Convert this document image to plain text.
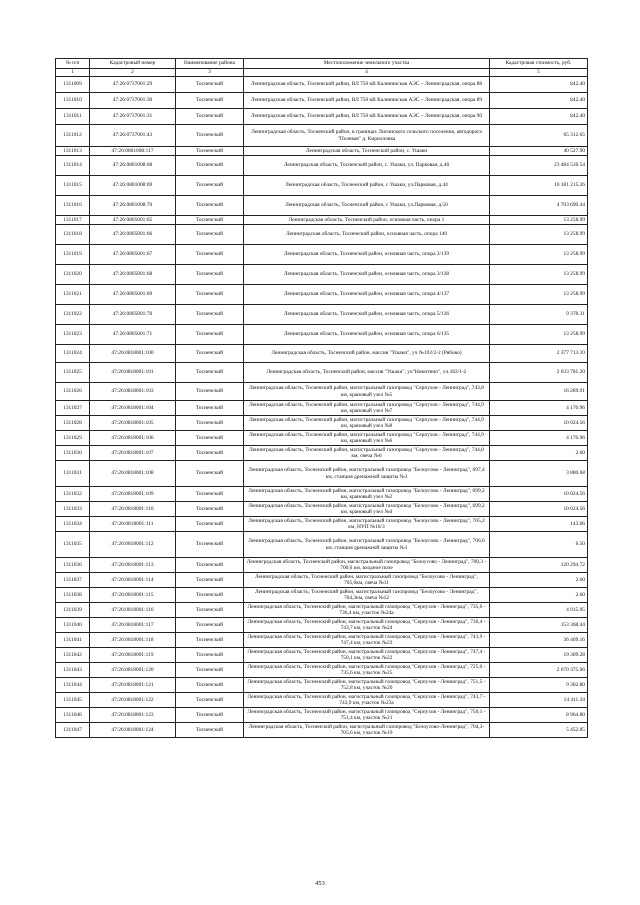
№ п/п	Кадастровый номер	Наименование района	Местоположение земельного участка	Кадастровая стоимость, руб.
1	2	3	4	5
1311009	47:26:0737001:29	Тосненский	Ленинградская область, Тосненский район, ВЛ 750 кВ Калининская АЭС – Ленинградская, опора 88	842.40
1311010	47:26:0737001:30	Тосненский	Ленинградская область, Тосненский район, ВЛ 750 кВ Калининская АЭС – Ленинградская, опора 89	842.40
1311011	47:26:0737001:31	Тосненский	Ленинградская область, Тосненский район, ВЛ 750 кВ Калининская АЭС – Ленинградская, опора 90	842.40
1311012	47:26:0737001:43	Тосненский	Ленинградская область, Тосненский район, в границах Лисинского сельского поселения, автодорога "Полевая" д. Кирилловка	65 312.65
1311013	47:26:0801008:117	Тосненский	Ленинградская область, Тосненский район, с. Ушаки	40 527.90
1311014	47:26:0801008:68	Тосненский	Ленинградская область, Тосненский район, с. Ушаки, ул. Парковая, д.46	23 484 530.54
1311015	47:26:0801008:69	Тосненский	Ленинградская область, Тосненский район, с Ушаки, ул.Парковая, д.44	10 181 215.26
1311016	47:26:0801008:70	Тосненский	Ленинградская область, Тосненский район, с Ушаки, ул.Парковая, д.50	4 703 690.44
1311017	47:26:0805001:65	Тосненский	Ленинградская область, Тосненский район, основная часть, опора 1	13 258.99
1311018	47:26:0805001:66	Тосненский	Ленинградская область, Тосненский район, основная часть, опора 140	13 258.99
1311019	47:26:0805001:67	Тосненский	Ленинградская область, Тосненский район, основная часть, опора 2/139	13 258.99
1311020	47:26:0805001:68	Тосненский	Ленинградская область, Тосненский район, основная часть, опора 3/138	13 258.99
1311021	47:26:0805001:69	Тосненский	Ленинградская область, Тосненский район, основная часть, опора 4/137	13 258.99
1311022	47:26:0805001:70	Тосненский	Ленинградская область, Тосненский район, основная часть, опора 5/136	9 378.31
1311023	47:26:0805001:71	Тосненский	Ленинградская область, Тосненский район, основная часть, опора 6/135	13 258.99
1311024	47:26:0818001:100	Тосненский	Ленинградская область, Тосненский район, массив "Ушаки", уч №102/2-2 (Рябово)	2 377 713.10
1311025	47:26:0818001:101	Тосненский	Ленинградская область, Тосненский район, массив "Ушаки", уч"Никитино", уч.182/1-2	2 033 781.20
1311026	47:26:0818001:103	Тосненский	Ленинградская область, Тосненский район, магистральный газопровод "Серпухов - Ленинград", 743,8 км, крановый узел №5	16 289.91
1311027	47:26:0818001:104	Тосненский	Ленинградская область, Тосненский район, магистральный газопровод "Серпухов - Ленинград", 744,9 км, крановый узел №7	4 176.96
1311028	47:26:0818001:105	Тосненский	Ленинградская область, Тосненский район, магистральный газопровод "Серпухов - Ленинград", 744,9 км, крановый узел №8	10 024.56
1311029	47:26:0818001:106	Тосненский	Ленинградская область, Тосненский район, магистральный газопровод "Серпухов - Ленинград", 744,9 км, крановый узел №6	4 176.96
1311030	47:26:0818001:107	Тосненский	Ленинградская область, Тосненский район, магистральный газопровод "Серпухов - Ленинград", 744,8 км, свеча №6	2.60
1311031	47:26:0818001:108	Тосненский	Ленинградская область, Тосненский район, магистральный газопровод "Белоусово - Ленинград", 697,4 км, станция дренажной защиты №3	3 880.68
1311032	47:26:0818001:109	Тосненский	Ленинградская область, Тосненский район, магистральный газопровод "Белоусово - Ленинград", 699,2 км, крановый узел №2	10 024.56
1311033	47:26:0818001:110	Тосненский	Ленинградская область, Тосненский район, магистральный газопровод "Белоусово - Ленинград", 699,2 км, крановый узел №4	10 024.56
1311034	47:26:0818001:111	Тосненский	Ленинградская область, Тосненский район, магистральный газопровод "Белоусово - Ленинград", 705,2 км, НУП №16/3	143.06
1311035	47:26:0818001:112	Тосненский	Ленинградская область, Тосненский район, магистральный газопровод "Белоусово - Ленинград", 706,6 км, станция дренажной защиты №1	6.50
1311036	47:26:0818001:113	Тосненский	Ленинградская область, Тосненский район, магистральный газопровод "Белоусово - Ленинград", 700,3 - 700,6 км, входное поле	120 294.72
1311037	47:26:0818001:114	Тосненский	Ленинградская область, Тосненский район, магистральный газопровод "Белоусово - Ленинград", 705,6км, свеча №11	2.60
1311038	47:26:0818001:115	Тосненский	Ленинградская область, Тосненский район, магистральный газопровод "Белоусово - Ленинград", 704,3км, свеча №12	2.60
1311039	47:26:0818001:116	Тосненский	Ленинградская область, Тосненский район, магистральный газопровод "Серпухов - Ленинград", 735,6 - 736,4 км, участок №24а	4 915.95
1311040	47:26:0818001:117	Тосненский	Ленинградская область, Тосненский район, магистральный газопровод "Серпухов - Ленинград", 736,4 - 743,7 км, участок №24	153 368.44
1311041	47:26:0818001:118	Тосненский	Ленинградская область, Тосненский район, магистральный газопровод "Серпухов - Ленинград", 743,9 - 747,4 км, участок №23	36 409.16
1311042	47:26:0818001:119	Тосненский	Ленинградская область, Тосненский район, магистральный газопровод "Серпухов - Ленинград", 747,4 - 750,1 км, участок №22	19 309.28
1311043	47:26:0818001:120	Тосненский	Ленинградская область, Тосненский район, магистральный газопровод "Серпухов - Ленинград", 725,0 - 735,6 км, участок №25	2 670 375.06
1311044	47:26:0818001:121	Тосненский	Ленинградская область, Тосненский район, магистральный газопровод "Серпухов - Ленинград", 751,5 - 752,8 км, участок №20	9 302.80
1311045	47:26:0818001:122	Тосненский	Ленинградская область, Тосненский район, магистральный газопровод "Серпухов - Ленинград", 743,7 - 743,9 км, участок №23а	14 411.34
1311046	47:26:0818001:123	Тосненский	Ленинградская область, Тосненский район, магистральный газопровод "Серпухов - Ленинград", 750,1 - 751,4 км, участок №21	8 964.80
1311047	47:26:0818001:124	Тосненский	Ленинградская область, Тосненский район, магистральный газопровод "Белоусово-Ленинград", 704,3- 705,6 км, участок №19	5 452.85
453
